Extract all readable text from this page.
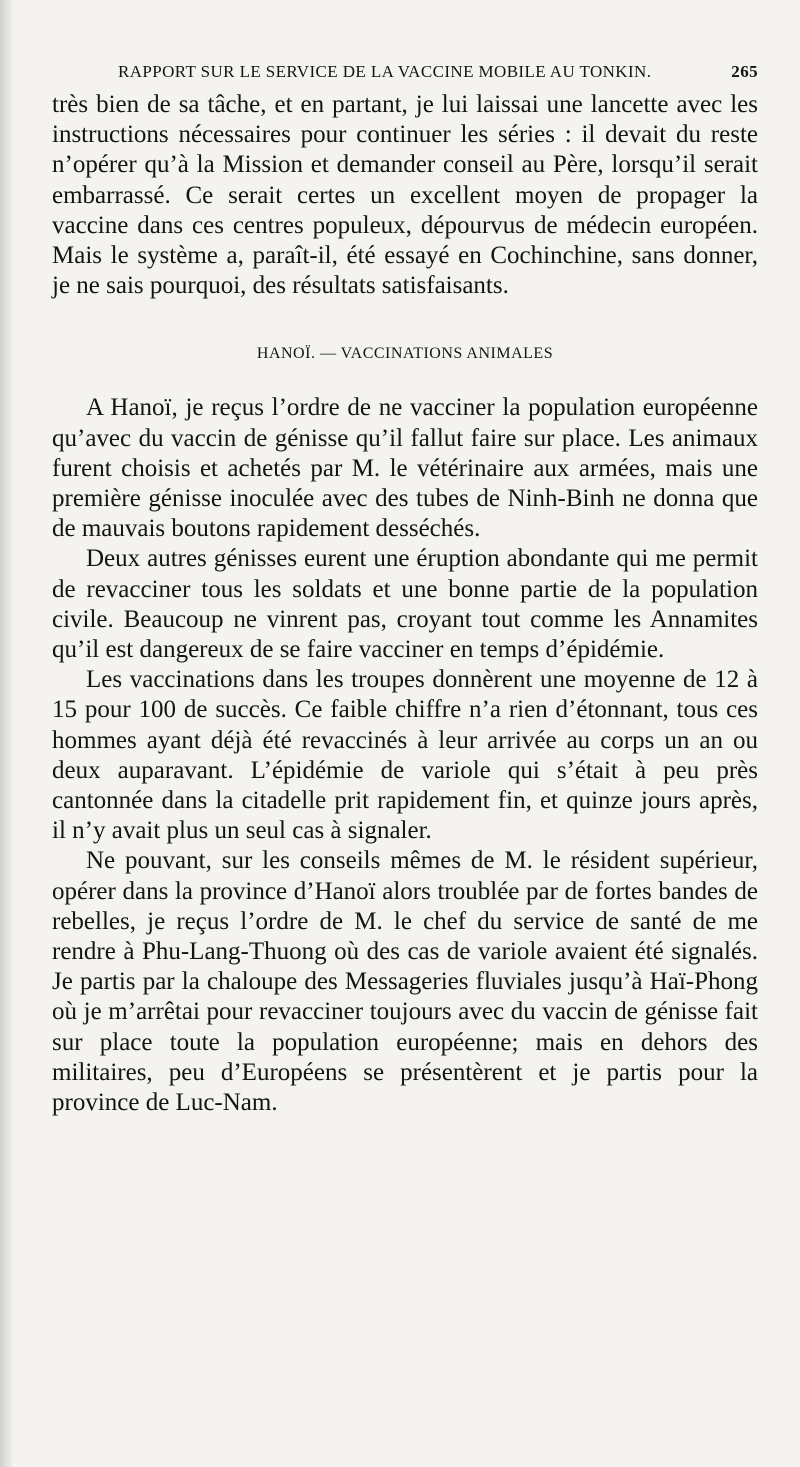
RAPPORT SUR LE SERVICE DE LA VACCINE MOBILE AU TONKIN.	265

très bien de sa tâche, et en partant, je lui laissai une lancette avec les instructions nécessaires pour continuer les séries : il devait du reste n’opérer qu’à la Mission et demander conseil au Père, lorsqu’il serait embarrassé. Ce serait certes un excellent moyen de propager la vaccine dans ces centres populeux, dépourvus de médecin européen. Mais le système a, paraît-il, été essayé en Cochinchine, sans donner, je ne sais pourquoi, des résultats satisfaisants.

HANOÏ. — VACCINATIONS ANIMALES

A Hanoï, je reçus l’ordre de ne vacciner la population européenne qu’avec du vaccin de génisse qu’il fallut faire sur place. Les animaux furent choisis et achetés par M. le vétérinaire aux armées, mais une première génisse inoculée avec des tubes de Ninh-Binh ne donna que de mauvais boutons rapidement desséchés.

Deux autres génisses eurent une éruption abondante qui me permit de revacciner tous les soldats et une bonne partie de la population civile. Beaucoup ne vinrent pas, croyant tout comme les Annamites qu’il est dangereux de se faire vacciner en temps d’épidémie.

Les vaccinations dans les troupes donnèrent une moyenne de 12 à 15 pour 100 de succès. Ce faible chiffre n’a rien d’étonnant, tous ces hommes ayant déjà été revaccinés à leur arrivée au corps un an ou deux auparavant. L’épidémie de variole qui s’était à peu près cantonnée dans la citadelle prit rapidement fin, et quinze jours après, il n’y avait plus un seul cas à signaler.

Ne pouvant, sur les conseils mêmes de M. le résident supérieur, opérer dans la province d’Hanoï alors troublée par de fortes bandes de rebelles, je reçus l’ordre de M. le chef du service de santé de me rendre à Phu-Lang-Thuong où des cas de variole avaient été signalés. Je partis par la chaloupe des Messageries fluviales jusqu’à Haï-Phong où je m’arrêtai pour revacciner toujours avec du vaccin de génisse fait sur place toute la population européenne; mais en dehors des militaires, peu d’Européens se présentèrent et je partis pour la province de Luc-Nam.
